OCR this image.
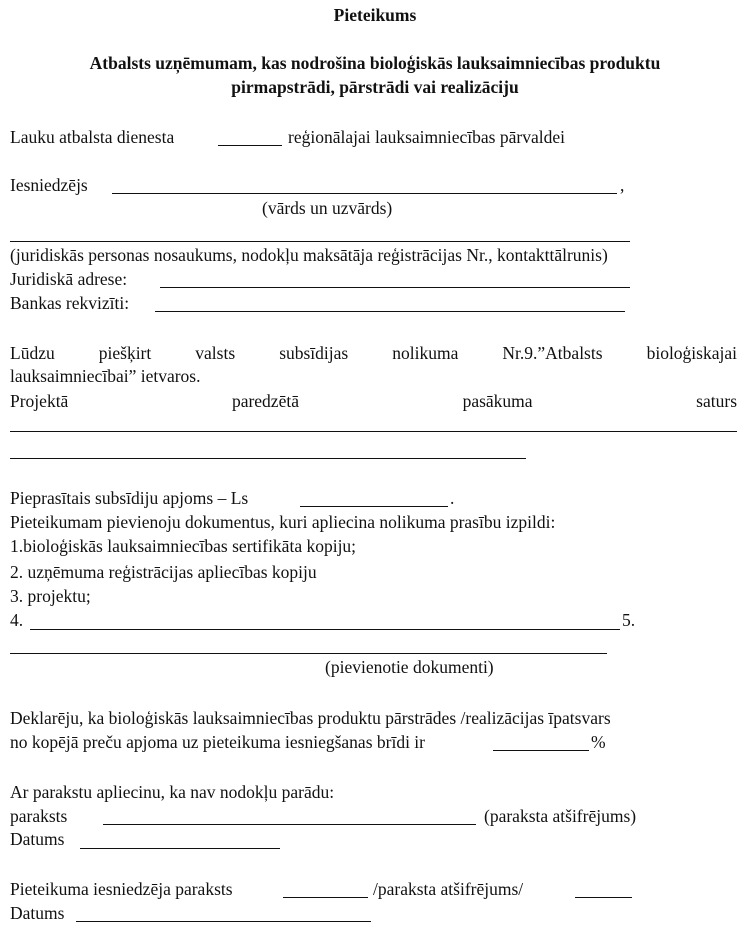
Pieteikums
Atbalsts uzņēmumam, kas nodrošina bioloģiskās lauksaimniecības produktu
pirmapstrādi, pārstrādi vai realizāciju
Lauku atbalsta dienesta	reģionālajai lauksaimniecības pārvaldei
Iesniedzējs	,
(vārds un uzvārds)
(juridiskās personas nosaukums, nodokļu maksātāja reģistrācijas Nr., kontakttālrunis)
Juridiskā adrese:
Bankas rekvizīti:
Lūdzu	piešķirt	valsts	subsīdijas	nolikuma	Nr.9.”Atbalsts	bioloģiskajai
lauksaimniecībai” ietvaros.
Projektā	paredzētā	pasākuma	saturs
Pieprasītais subsīdiju apjoms – Ls	.
Pieteikumam pievienoju dokumentus, kuri apliecina nolikuma prasību izpildi:
1.bioloģiskās lauksaimniecības sertifikāta kopiju;
2. uzņēmuma reģistrācijas apliecības kopiju
3. projektu;
4.	5.
(pievienotie dokumenti)
Deklarēju, ka bioloģiskās lauksaimniecības produktu pārstrādes /realizācijas īpatsvars
no kopējā preču apjoma uz pieteikuma iesniegšanas brīdi ir	%
Ar parakstu apliecinu, ka nav nodokļu parādu:
paraksts	(paraksta atšifrējums)
Datums
Pieteikuma iesniedzēja paraksts	/paraksta atšifrējums/
Datums
